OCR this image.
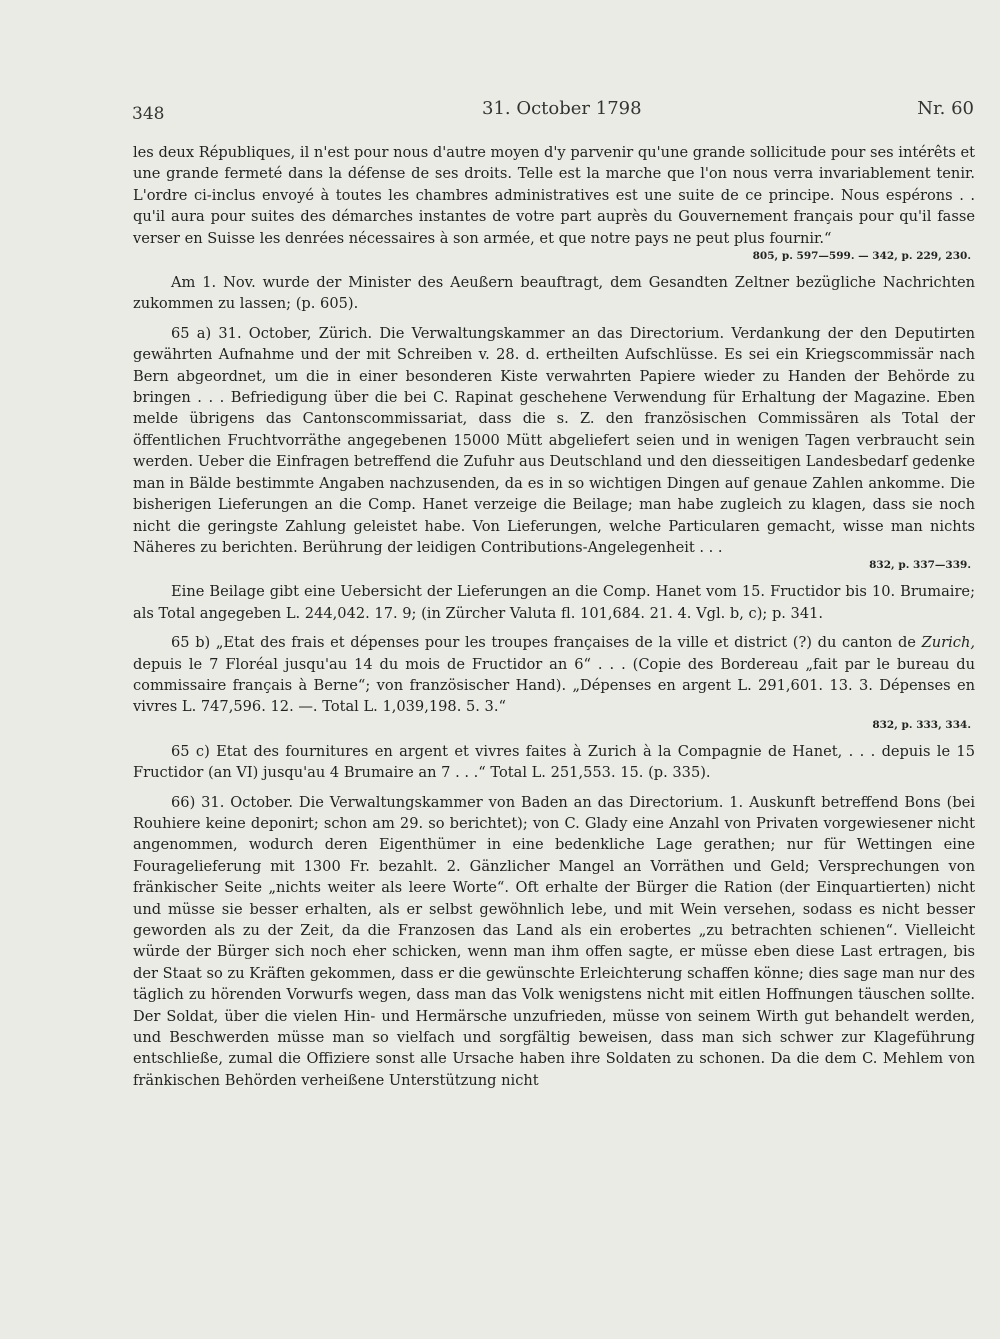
348	31. October 1798	Nr. 60

les deux Républiques, il n'est pour nous d'autre moyen d'y parvenir qu'une grande sollicitude pour ses intérêts et une grande fermeté dans la défense de ses droits. Telle est la marche que l'on nous verra invariablement tenir. L'ordre ci-inclus envoyé à toutes les chambres administratives est une suite de ce principe. Nous espérons . . qu'il aura pour suites des démarches instantes de votre part auprès du Gouvernement français pour qu'il fasse verser en Suisse les denrées nécessaires à son armée, et que notre pays ne peut plus fournir.“

805, p. 597—599. — 342, p. 229, 230.

Am 1. Nov. wurde der Minister des Aeußern beauftragt, dem Gesandten Zeltner bezügliche Nachrichten zukommen zu lassen; (p. 605).

65 a) 31. October, Zürich. Die Verwaltungskammer an das Directorium. Verdankung der den Deputirten gewährten Aufnahme und der mit Schreiben v. 28. d. ertheilten Aufschlüsse. Es sei ein Kriegscommissär nach Bern abgeordnet, um die in einer besonderen Kiste verwahrten Papiere wieder zu Handen der Behörde zu bringen . . . Befriedigung über die bei C. Rapinat geschehene Verwendung für Erhaltung der Magazine. Eben melde übrigens das Cantonscommissariat, dass die s. Z. den französischen Commissären als Total der öffentlichen Fruchtvorräthe angegebenen 15000 Mütt abgeliefert seien und in wenigen Tagen verbraucht sein werden. Ueber die Einfragen betreffend die Zufuhr aus Deutschland und den diesseitigen Landesbedarf gedenke man in Bälde bestimmte Angaben nachzusenden, da es in so wichtigen Dingen auf genaue Zahlen ankomme. Die bisherigen Lieferungen an die Comp. Hanet verzeige die Beilage; man habe zugleich zu klagen, dass sie noch nicht die geringste Zahlung geleistet habe. Von Lieferungen, welche Particularen gemacht, wisse man nichts Näheres zu berichten. Berührung der leidigen Contributions-Angelegenheit . . .

832, p. 337—339.

Eine Beilage gibt eine Uebersicht der Lieferungen an die Comp. Hanet vom 15. Fructidor bis 10. Brumaire; als Total angegeben L. 244,042. 17. 9; (in Zürcher Valuta fl. 101,684. 21. 4. Vgl. b, c); p. 341.

65 b) „Etat des frais et dépenses pour les troupes françaises de la ville et district (?) du canton de Zurich, depuis le 7 Floréal jusqu'au 14 du mois de Fructidor an 6“ . . . (Copie des Bordereau „fait par le bureau du commissaire français à Berne“; von französischer Hand). „Dépenses en argent L. 291,601. 13. 3. Dépenses en vivres L. 747,596. 12. —. Total L. 1,039,198. 5. 3.“

832, p. 333, 334.

65 c) Etat des fournitures en argent et vivres faites à Zurich à la Compagnie de Hanet, . . . depuis le 15 Fructidor (an VI) jusqu'au 4 Brumaire an 7 . . .“ Total L. 251,553. 15. (p. 335).

66) 31. October. Die Verwaltungskammer von Baden an das Directorium. 1. Auskunft betreffend Bons (bei Rouhiere keine deponirt; schon am 29. so berichtet); von C. Glady eine Anzahl von Privaten vorgewiesener nicht angenommen, wodurch deren Eigenthümer in eine bedenkliche Lage gerathen; nur für Wettingen eine Fouragelieferung mit 1300 Fr. bezahlt. 2. Gänzlicher Mangel an Vorräthen und Geld; Versprechungen von fränkischer Seite „nichts weiter als leere Worte“. Oft erhalte der Bürger die Ration (der Einquartierten) nicht und müsse sie besser erhalten, als er selbst gewöhnlich lebe, und mit Wein versehen, sodass es nicht besser geworden als zu der Zeit, da die Franzosen das Land als ein erobertes „zu betrachten schienen“. Vielleicht würde der Bürger sich noch eher schicken, wenn man ihm offen sagte, er müsse eben diese Last ertragen, bis der Staat so zu Kräften gekommen, dass er die gewünschte Erleichterung schaffen könne; dies sage man nur des täglich zu hörenden Vorwurfs wegen, dass man das Volk wenigstens nicht mit eitlen Hoffnungen täuschen sollte. Der Soldat, über die vielen Hin- und Hermärsche unzufrieden, müsse von seinem Wirth gut behandelt werden, und Beschwerden müsse man so vielfach und sorgfältig beweisen, dass man sich schwer zur Klageführung entschließe, zumal die Offiziere sonst alle Ursache haben ihre Soldaten zu schonen. Da die dem C. Mehlem von fränkischen Behörden verheißene Unterstützung nicht
